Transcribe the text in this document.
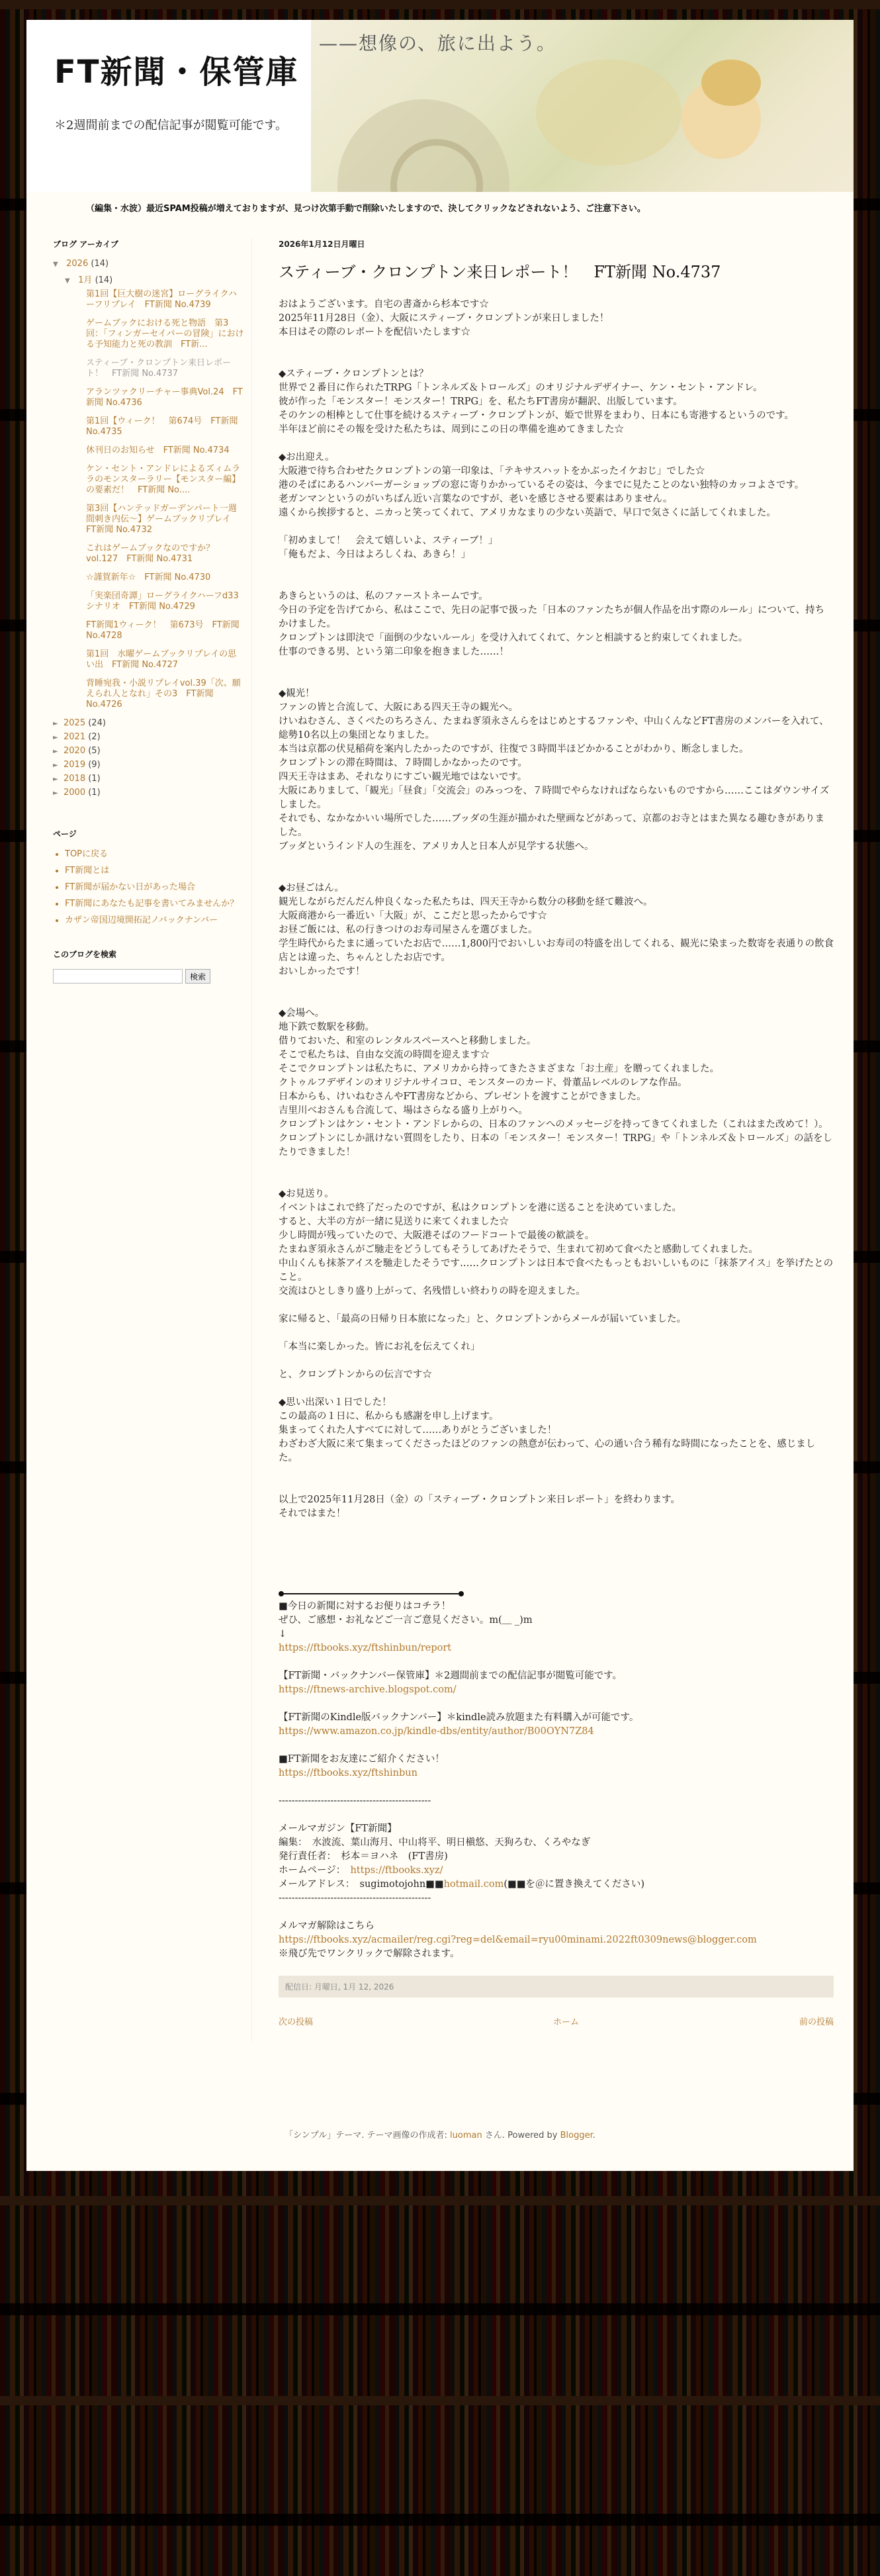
FT新聞・保管庫
＊2週間前までの配信記事が閲覧可能です。
——想像の、旅に出よう。
（編集・水波）最近SPAM投稿が増えておりますが、見つけ次第手動で削除いたしますので、決してクリックなどされないよう、ご注意下さい。
ブログ アーカイブ
▼ 2026 (14)
▼ 1月 (14)
第1回【巨大樹の迷宮】ローグライクハーフリプレイ　FT新聞 No.4739
ゲームブックにおける死と物語　第3回：「フィンガーセイバーの冒険」における予知能力と死の教訓　FT新...
スティーブ・クロンプトン来日レポート！　FT新聞 No.4737
アランツァクリーチャー事典Vol.24　FT新聞 No.4736
第1回【ウィーク！　第674号　FT新聞 No.4735
休刊日のお知らせ　FT新聞 No.4734
ケン・セント・アンドレによるズィムララのモンスターラリー【モンスター編】の要素だ！　FT新聞 No....
第3回【ハンテッドガーデンパート一週間刺き内伝〜】ゲームブックリプレイ　FT新聞 No.4732
これはゲームブックなのですか？　vol.127　FT新聞 No.4731
☆謹賀新年☆　FT新聞 No.4730
「実楽団奇譚」ローグライクハーフd33シナリオ　FT新聞 No.4729
FT新聞1ウィーク！　第673号　FT新聞 No.4728
第1回　水曜ゲームブックリプレイの思い出　FT新聞 No.4727
背睡宛我・小説リプレイvol.39「次、願えられ人となれ」その3　FT新聞 No.4726
► 2025 (24)
► 2021 (2)
► 2020 (5)
► 2019 (9)
► 2018 (1)
► 2000 (1)
ページ
• TOPに戻る
• FT新聞とは
• FT新聞が届かない日があった場合
• FT新聞にあなたも記事を書いてみませんか？
• カザン帝国辺境開拓記ノバックナンバー
このブログを検索
検索
2026年1月12日月曜日
スティーブ・クロンプトン来日レポート！　FT新聞 No.4737
おはようございます。自宅の書斎から杉本です☆
2025年11月28日（金）、大阪にスティーブ・クロンプトンが来日しました！
本日はその際のレポートを配信いたします☆
◆スティーブ・クロンプトンとは？
世界で２番目に作られたTRPG「トンネルズ＆トロールズ」のオリジナルデザイナー、ケン・セント・アンドレ。
彼が作った「モンスター！モンスター！TRPG」を、私たちFT書房が翻訳、出版しています。
そのケンの相棒として仕事を続けるスティーブ・クロンプトンが、姫で世界をまわり、日本にも寄港するというのです。
半年ほど前にその報を受けた私たちは、周到にこの日の準備を進めてきました☆
◆お出迎え。
大阪港で待ち合わせたクロンプトンの第一印象は、「テキサスハットをかぶったイケおじ」でした☆
港のそばにあるハンバーガーショップの窓に寄りかかっているその姿は、今までに見たことのない独特のカッコよさです。
老ガンマンというのがいちばん近い言葉なのですが、老いを感じさせる要素はありません。
遠くから挨拶すると、ニカっと笑ってくれて、アメリカなまりの少ない英語で、早口で気さくに話してくれました。
「初めまして！　会えて嬉しいよ、スティーブ！」
「俺もだよ、今日はよろしくね、あきら！」
あきらというのは、私のファーストネームです。
今日の予定を告げてから、私はここで、先日の記事で扱った「日本のファンたちが個人作品を出す際のルール」について、持ちかけました。
クロンプトンは即決で「面倒の少ないルール」を受け入れてくれて、ケンと相談すると約束してくれました。
仕事のできる男、という第二印象を抱きました……！
◆観光！
ファンの皆と合流して、大阪にある四天王寺の観光へ。
けいねむさん、さくぺたのちろさん、たまねぎ須永さんらをはじめとするファンや、中山くんなどFT書房のメンバーを入れて、総勢10名以上の集団となりました。
本当は京都の伏見稲荷を案内したかったのですが、往復で３時間半ほどかかることがわかり、断念しました。
クロンプトンの滞在時間は、７時間しかなかったのです。
四天王寺はまあ、それなりにすごい観光地ではないです。
大阪にありまして、「観光」「昼食」「交流会」のみっつを、７時間でやらなければならないものですから……ここはダウンサイズしました。
それでも、なかなかいい場所でした……ブッダの生涯が描かれた壁画などがあって、京都のお寺とはまた異なる趣むきがありました。
ブッダというインド人の生涯を、アメリカ人と日本人が見学する状態へ。
◆お昼ごはん。
観光しながらだんだん仲良くなった私たちは、四天王寺から数分の移動を経て難波へ。
大阪商港から一番近い「大阪」が、ここだと思ったからです☆
お昼ご飯には、私の行きつけのお寿司屋さんを選びました。
学生時代からたまに通っていたお店で……1,800円でおいしいお寿司の特盛を出してくれる、観光に染まった数寄を表通りの飲食店とは違った、ちゃんとしたお店です。
おいしかったです！
◆会場へ。
地下鉄で数駅を移動。
借りておいた、和室のレンタルスペースへと移動しました。
そこで私たちは、自由な交流の時間を迎えます☆
そこでクロンプトンは私たちに、アメリカから持ってきたさまざまな「お土産」を贈ってくれました。
クトゥルフデザインのオリジナルサイコロ、モンスターのカード、骨董品レベルのレアな作品。
日本からも、けいねむさんやFT書房などから、プレゼントを渡すことができました。
吉里川べおさんも合流して、場はさらなる盛り上がりへ。
クロンプトンはケン・セント・アンドレからの、日本のファンへのメッセージを持ってきてくれました（これはまた改めて！）。
クロンプトンにしか訊けない質問をしたり、日本の「モンスター！モンスター！TRPG」や「トンネルズ＆トロールズ」の話をしたりできました！
◆お見送り。
イベントはこれで終了だったのですが、私はクロンプトンを港に送ることを決めていました。
すると、大半の方が一緒に見送りに来てくれました☆
少し時間が残っていたので、大阪港そばのフードコートで最後の歓談を。
たまねぎ須永さんがご馳走をどうしてもそうしてあげたそうで、生まれて初めて食べたと感動してくれました。
中山くんも抹茶アイスを馳走したそうです……クロンプトンは日本で食べたもっともおいしいものに「抹茶アイス」を挙げたとのこと。
交流はひとしきり盛り上がって、名残惜しい終わりの時を迎えました。
家に帰ると、「最高の日帰り日本旅になった」と、クロンプトンからメールが届いていました。
「本当に楽しかった。皆にお礼を伝えてくれ」
と、クロンプトンからの伝言です☆
◆思い出深い１日でした！
この最高の１日に、私からも感謝を申し上げます。
集まってくれた人すべてに対して……ありがとうございました！
わざわざ大阪に来て集まってくださったほどのファンの熱意が伝わって、心の通い合う稀有な時間になったことを、感じました。
以上で2025年11月28日（金）の「スティーブ・クロンプトン来日レポート」を終わります。
それではまた！
■今日の新聞に対するお便りはコチラ！
ぜひ、ご感想・お礼などご一言ご意見ください。m(＿ _)m
↓
https://ftbooks.xyz/ftshinbun/report
【FT新聞・バックナンバー保管庫】＊2週間前までの配信記事が閲覧可能です。
https://ftnews-archive.blogspot.com/
【FT新聞のKindle版バックナンバー】＊kindle読み放題また有料購入が可能です。
https://www.amazon.co.jp/kindle-dbs/entity/author/B00OYN7Z84
■FT新聞をお友達にご紹介ください！
https://ftbooks.xyz/ftshinbun
-----------------------------------------------
メールマガジン【FT新聞】
編集：　水波流、葉山海月、中山将平、明日槇悠、天狗ろむ、くろやなぎ
発行責任者：　杉本＝ヨハネ　(FT書房)
ホームページ：　https://ftbooks.xyz/
メールアドレス：　sugimotojohn■■hotmail.com(■■を＠に置き換えてください)
-----------------------------------------------
メルマガ解除はこちら
https://ftbooks.xyz/acmailer/reg.cgi?reg=del&email=ryu00minami.2022ft0309news@blogger.com
※飛び先でワンクリックで解除されます。
配信日: 月曜日, 1月 12, 2026
次の投稿	ホーム	前の投稿
「シンプル」テーマ. テーマ画像の作成者: luoman さん. Powered by Blogger.
